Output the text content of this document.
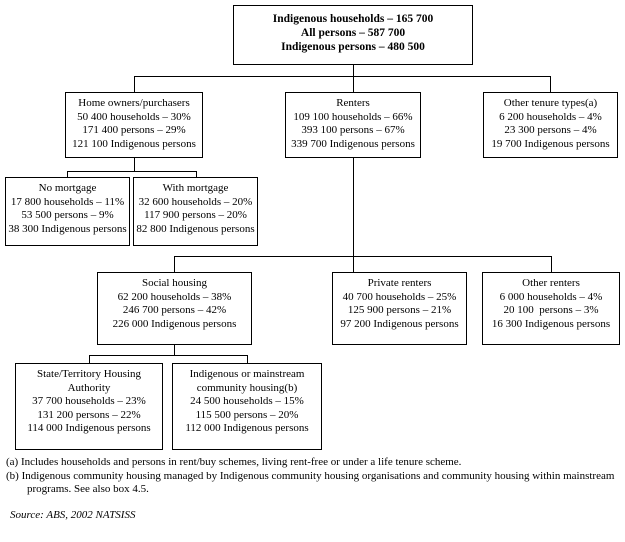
Indigenous households – 165 700
All persons – 587 700
Indigenous persons – 480 500
Home owners/purchasers
50 400 households – 30%
171 400 persons – 29%
121 100 Indigenous persons
Renters
109 100 households – 66%
393 100 persons – 67%
339 700 Indigenous persons
Other tenure types(a)
6 200 households – 4%
23 300 persons – 4%
19 700 Indigenous persons
No mortgage
17 800 households – 11%
53 500 persons – 9%
38 300 Indigenous persons
With mortgage
32 600 households – 20%
117 900 persons – 20%
82 800 Indigenous persons
Social housing
62 200 households – 38%
246 700 persons – 42%
226 000 Indigenous persons
Private renters
40 700 households – 25%
125 900 persons – 21%
97 200 Indigenous persons
Other renters
6 000 households – 4%
20 100  persons – 3%
16 300 Indigenous persons
State/Territory Housing
Authority
37 700 households – 23%
131 200 persons – 22%
114 000 Indigenous persons
Indigenous or mainstream
community housing(b)
24 500 households – 15%
115 500 persons – 20%
112 000 Indigenous persons
(a) Includes households and persons in rent/buy schemes, living rent-free or under a life tenure scheme.
(b) Indigenous community housing managed by Indigenous community housing organisations and community housing within mainstream programs. See also box 4.5.
Source: ABS, 2002 NATSISS
